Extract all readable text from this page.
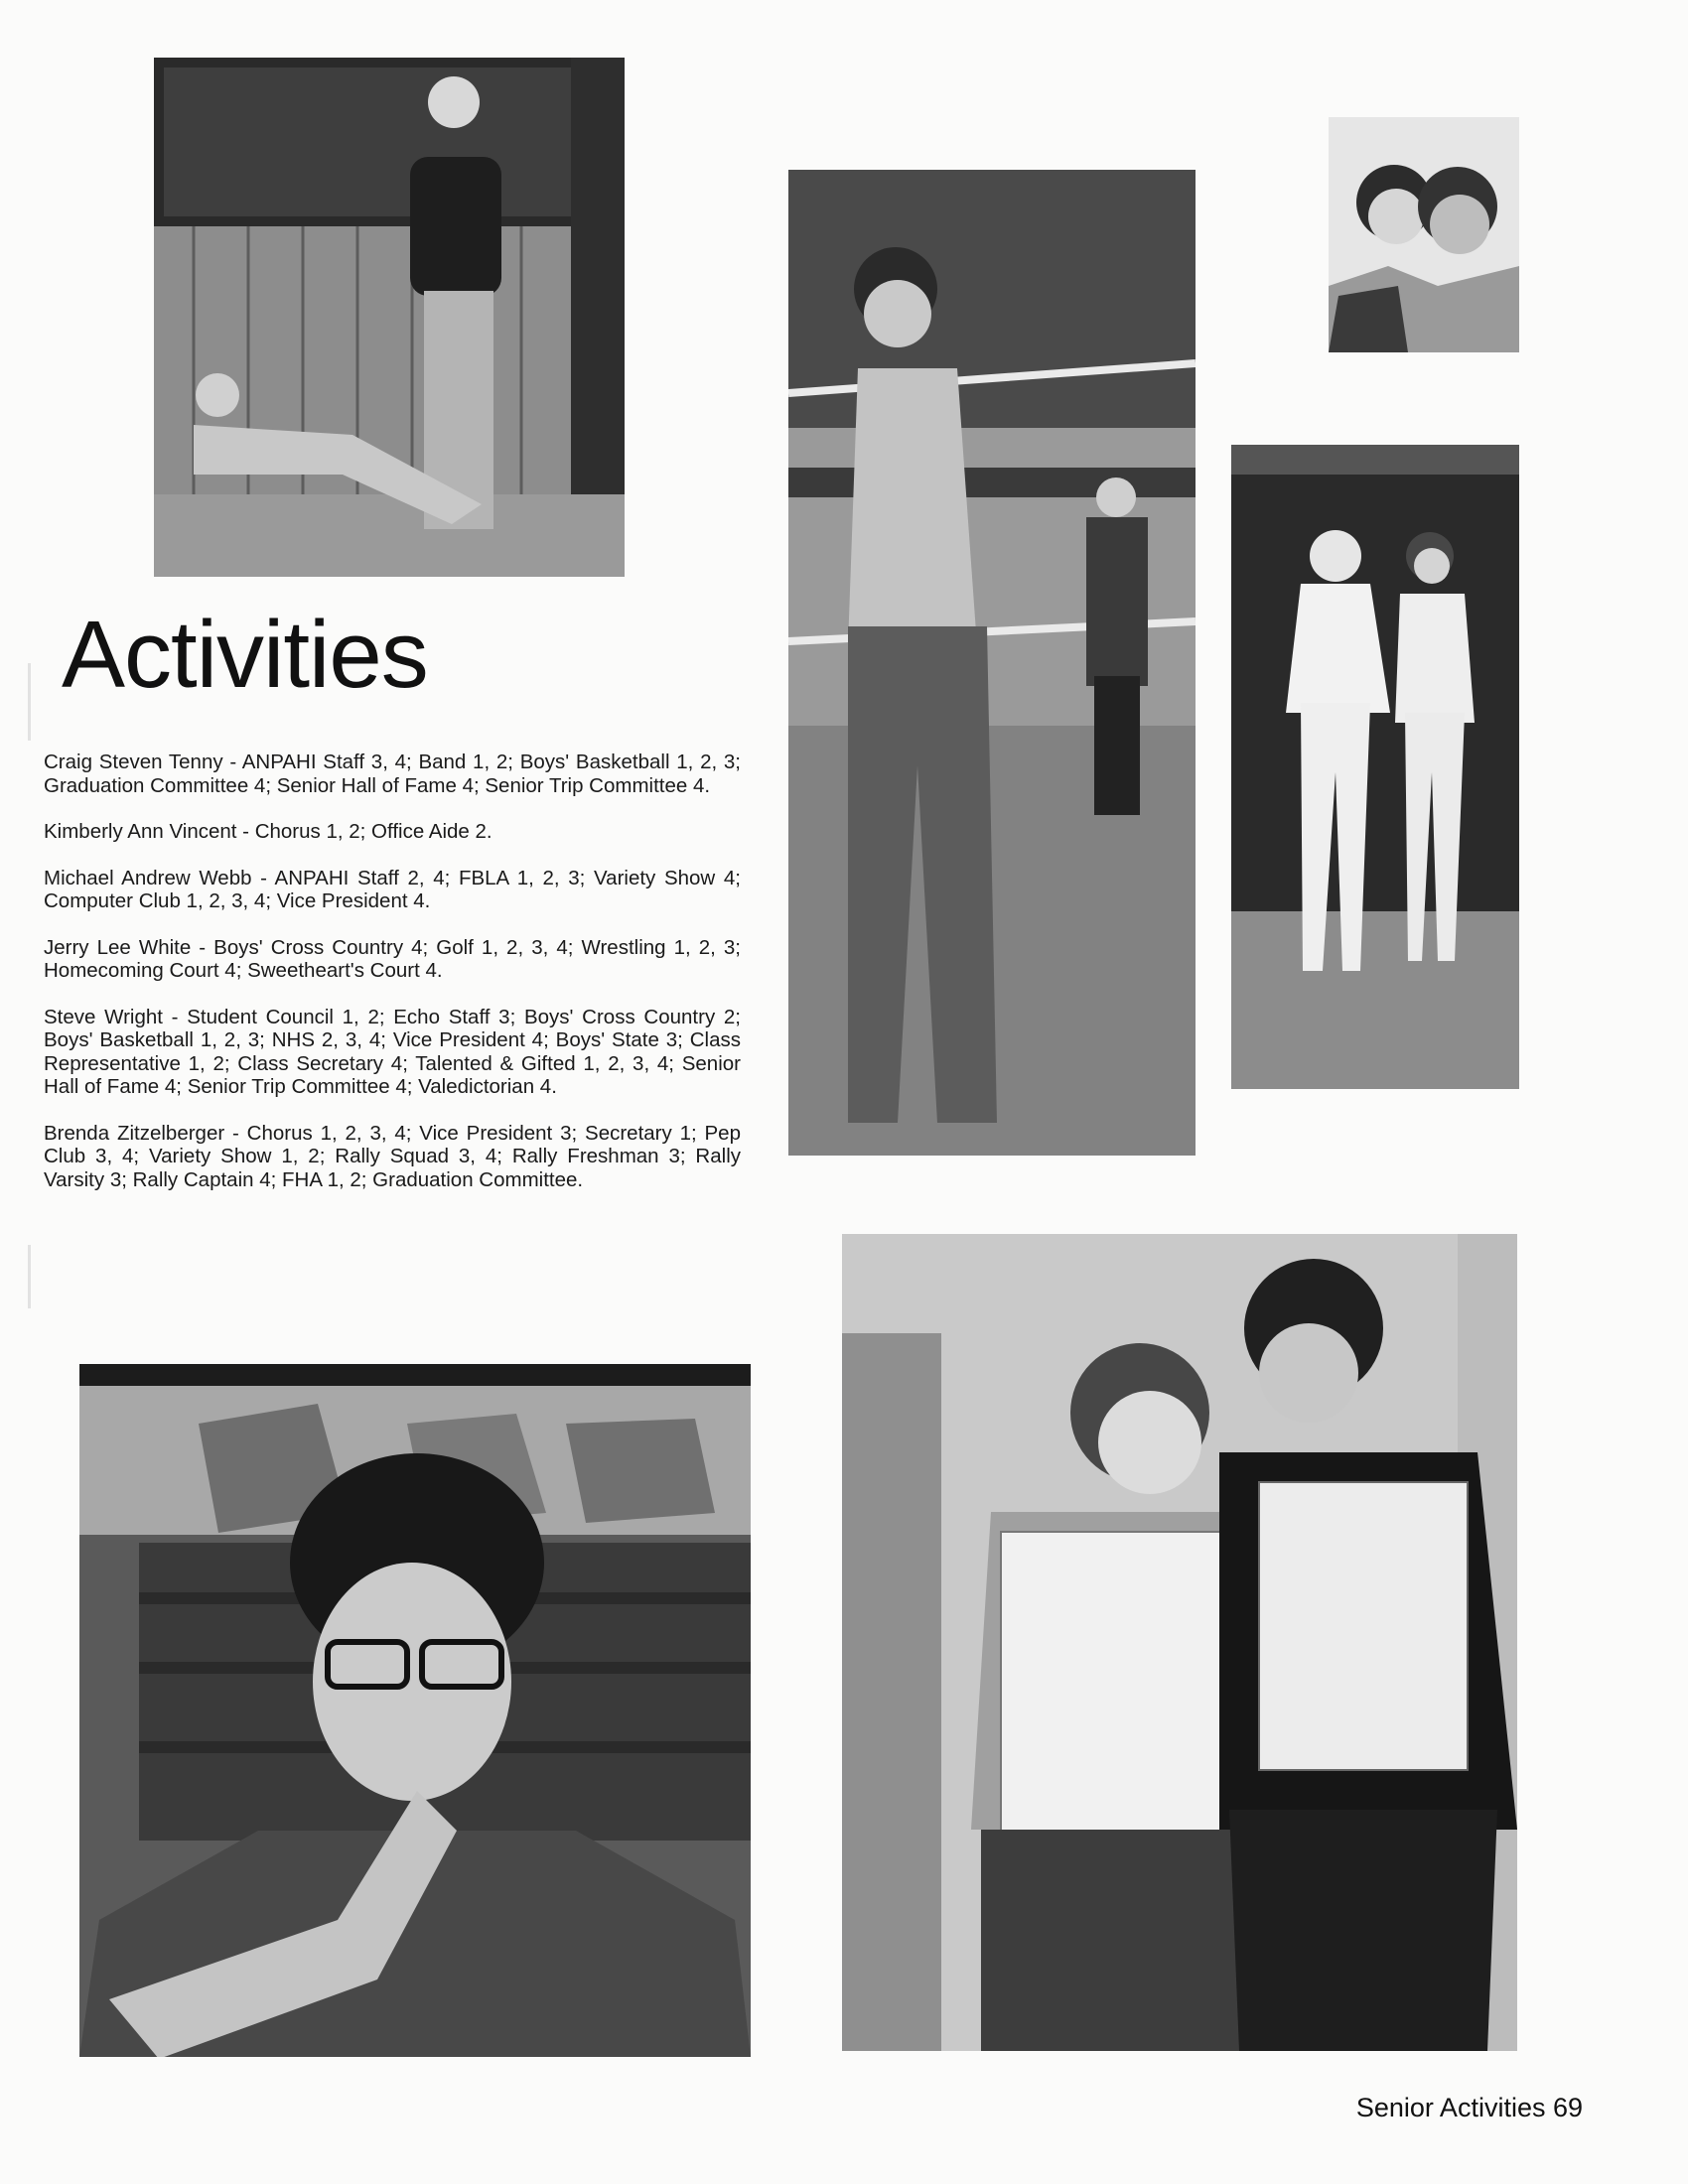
Activities

Craig Steven Tenny - ANPAHI Staff 3, 4; Band 1, 2; Boys' Basketball 1, 2, 3; Graduation Committee 4; Senior Hall of Fame 4; Senior Trip Committee 4.

Kimberly Ann Vincent - Chorus 1, 2; Office Aide 2.

Michael Andrew Webb - ANPAHI Staff 2, 4; FBLA 1, 2, 3; Variety Show 4; Computer Club 1, 2, 3, 4; Vice President 4.

Jerry Lee White - Boys' Cross Country 4; Golf 1, 2, 3, 4; Wrestling 1, 2, 3; Homecoming Court 4; Sweetheart's Court 4.

Steve Wright - Student Council 1, 2; Echo Staff 3; Boys' Cross Country 2; Boys' Basketball 1, 2, 3; NHS 2, 3, 4; Vice President 4; Boys' State 3; Class Representative 1, 2; Class Secretary 4; Talented & Gifted 1, 2, 3, 4; Senior Hall of Fame 4; Senior Trip Committee 4; Valedictorian 4.

Brenda Zitzelberger - Chorus 1, 2, 3, 4; Vice President 3; Secretary 1; Pep Club 3, 4; Variety Show 1, 2; Rally Squad 3, 4; Rally Freshman 3; Rally Varsity 3; Rally Captain 4; FHA 1, 2; Graduation Committee.

Senior Activities 69
